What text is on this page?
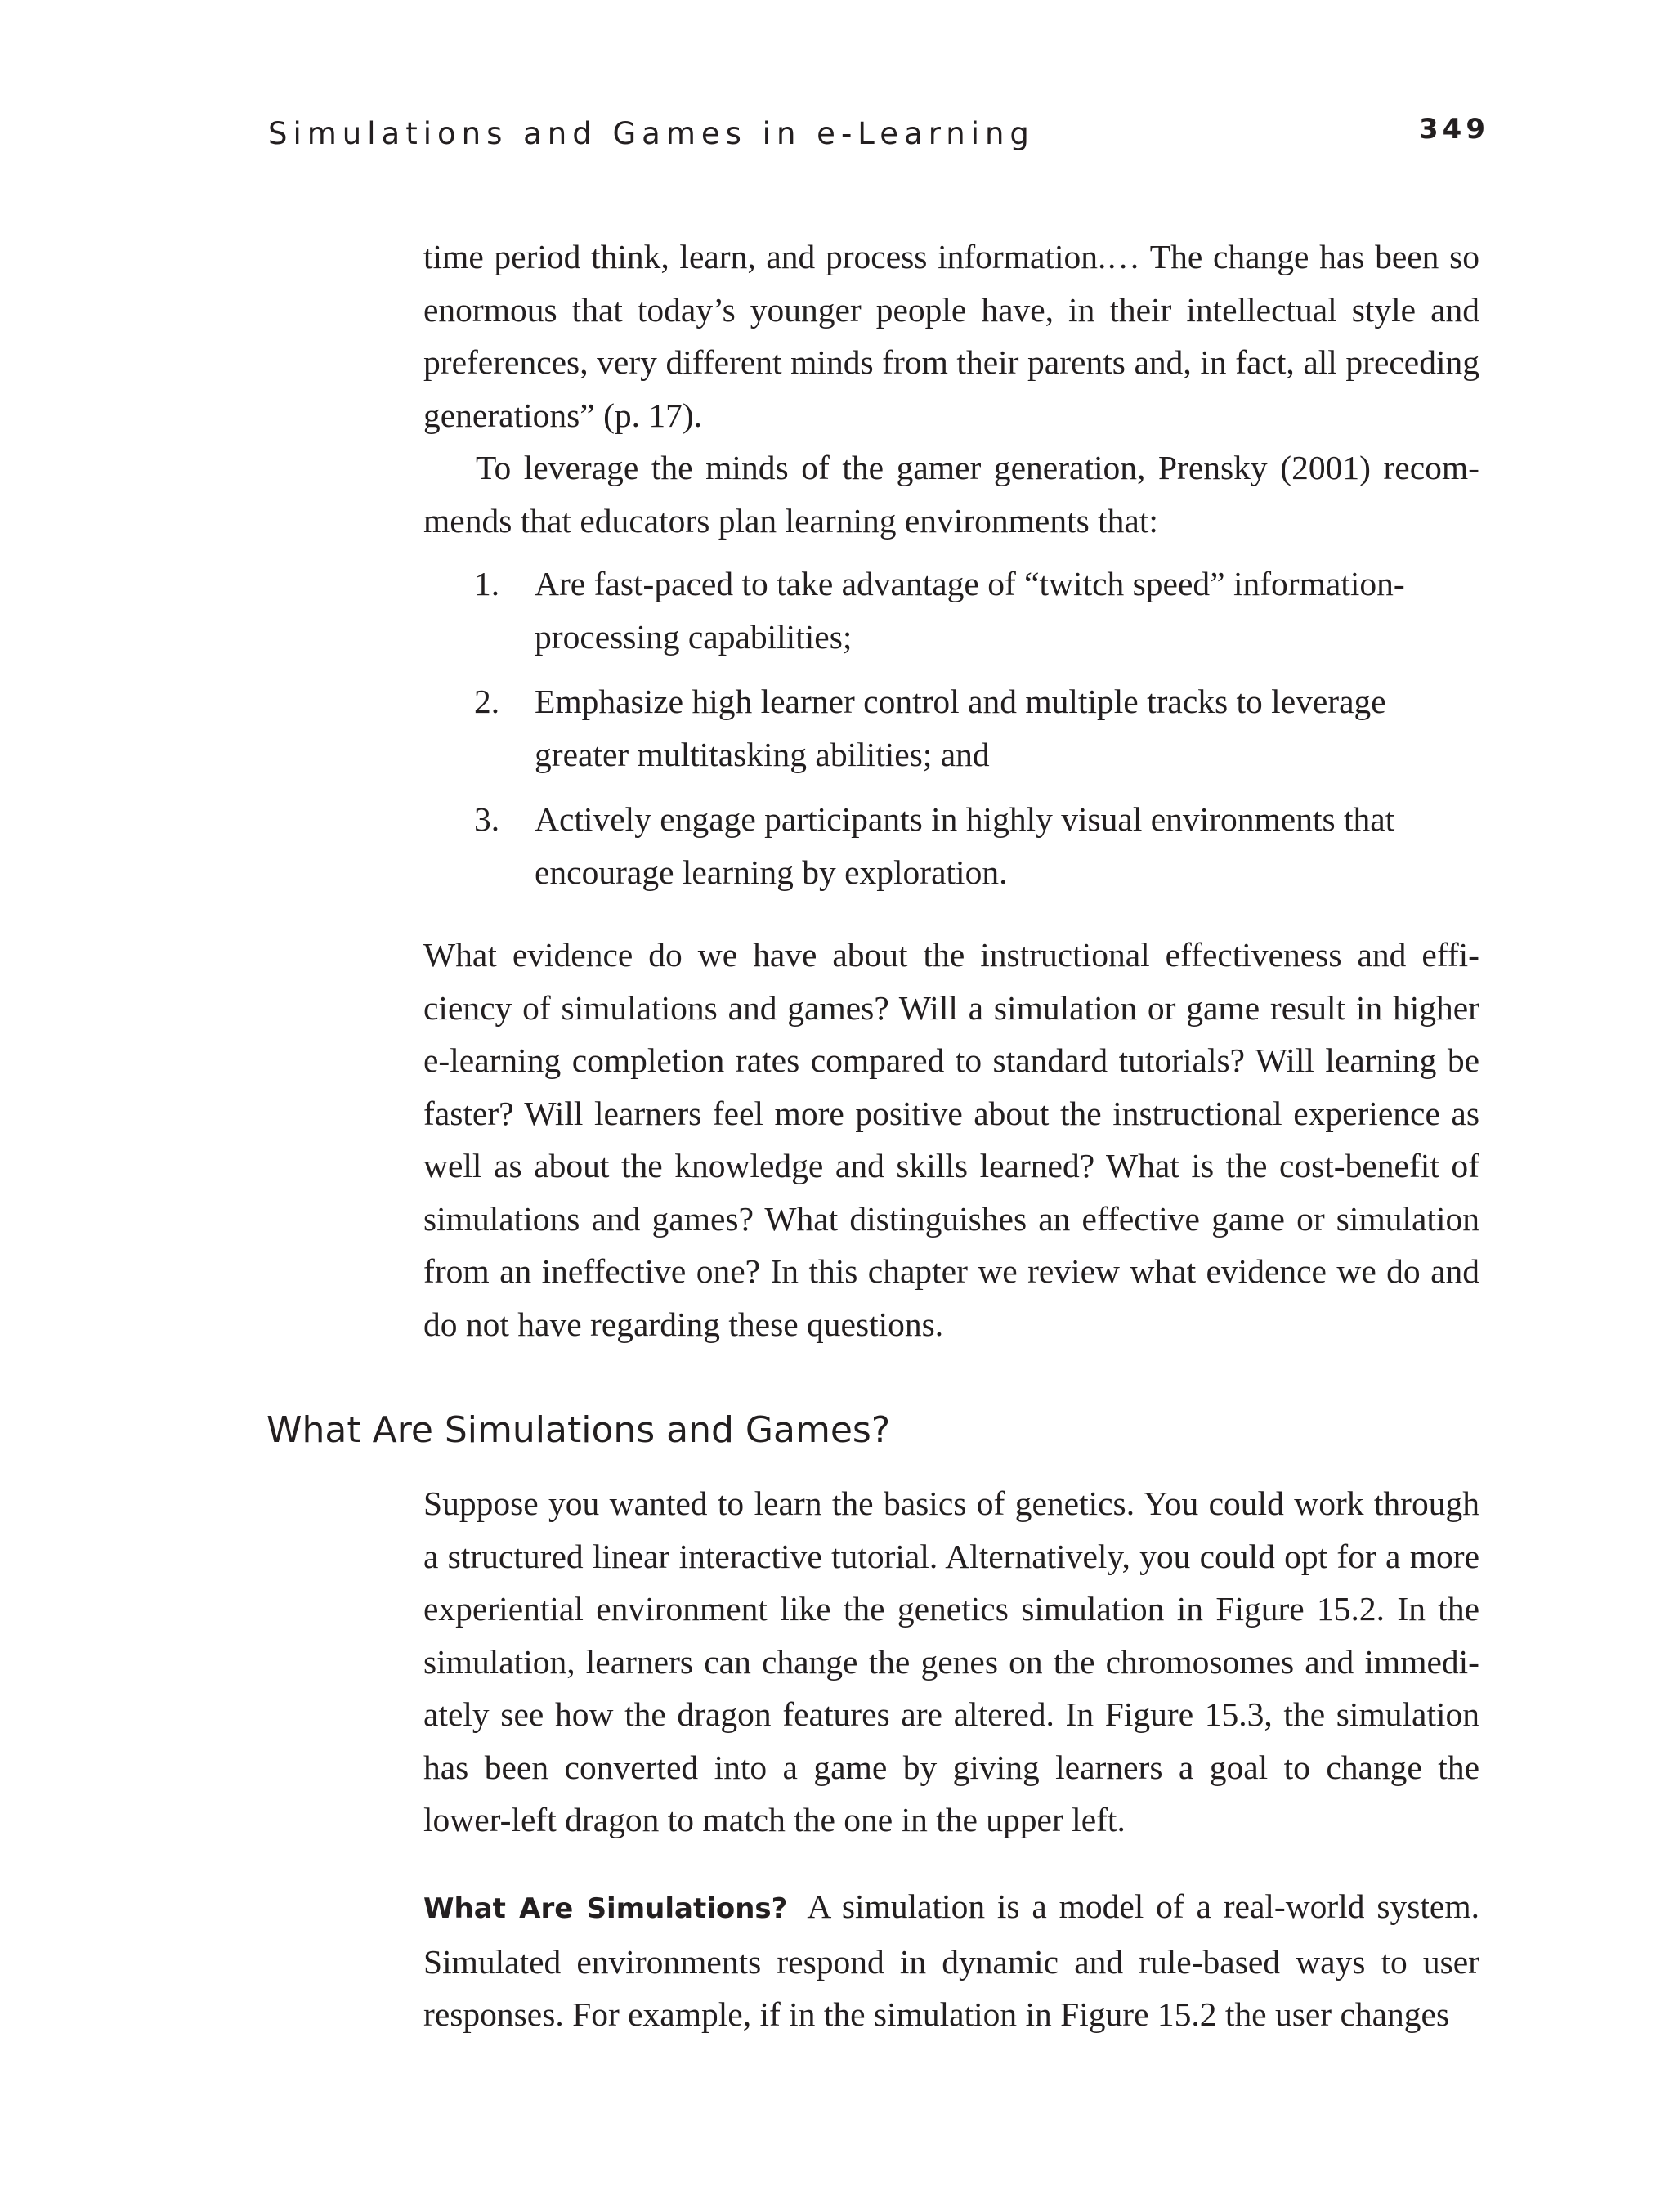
Simulations and Games in e-Learning	349

time period think, learn, and process information.… The change has been so enormous that today’s younger people have, in their intellectual style and preferences, very different minds from their parents and, in fact, all preceding generations” (p. 17).

To leverage the minds of the gamer generation, Prensky (2001) recommends that educators plan learning environments that:

1. Are fast-paced to take advantage of “twitch speed” information-processing capabilities;
2. Emphasize high learner control and multiple tracks to leverage greater multitasking abilities; and
3. Actively engage participants in highly visual environments that encourage learning by exploration.

What evidence do we have about the instructional effectiveness and efficiency of simulations and games? Will a simulation or game result in higher e-learning completion rates compared to standard tutorials? Will learning be faster? Will learners feel more positive about the instructional experience as well as about the knowledge and skills learned? What is the cost-benefit of simulations and games? What distinguishes an effective game or simulation from an ineffective one? In this chapter we review what evidence we do and do not have regarding these questions.

What Are Simulations and Games?

Suppose you wanted to learn the basics of genetics. You could work through a structured linear interactive tutorial. Alternatively, you could opt for a more experiential environment like the genetics simulation in Figure 15.2. In the simulation, learners can change the genes on the chromosomes and immediately see how the dragon features are altered. In Figure 15.3, the simulation has been converted into a game by giving learners a goal to change the lower-left dragon to match the one in the upper left.

What Are Simulations? A simulation is a model of a real-world system. Simulated environments respond in dynamic and rule-based ways to user responses. For example, if in the simulation in Figure 15.2 the user changes
